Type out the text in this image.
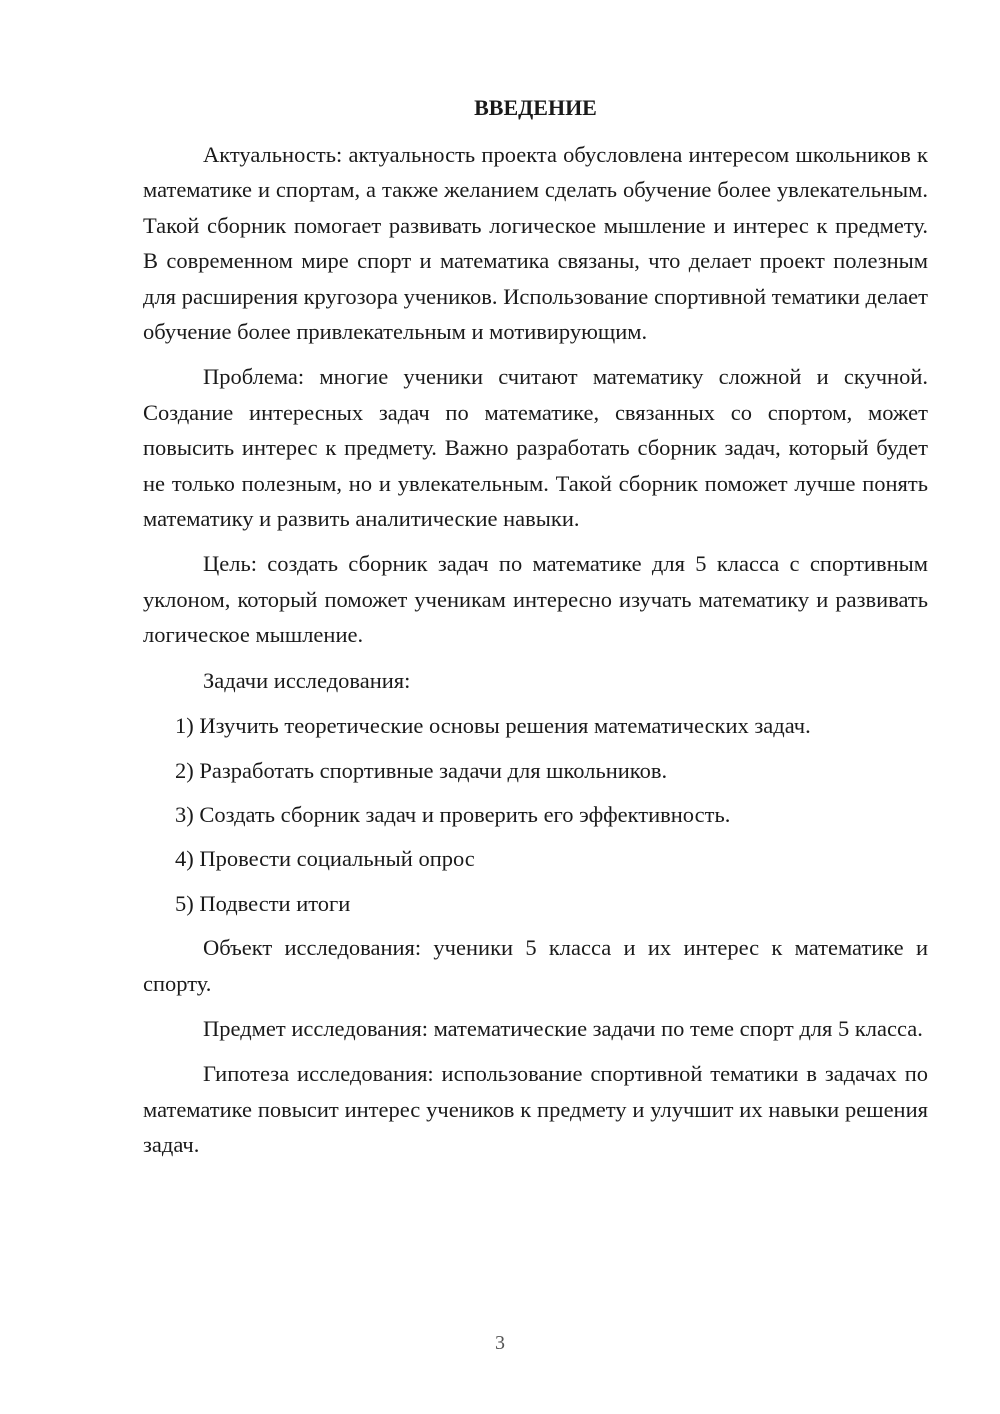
ВВЕДЕНИЕ

Актуальность: актуальность проекта обусловлена интересом школьников к математике и спортам, а также желанием сделать обучение более увлекательным. Такой сборник помогает развивать логическое мышление и интерес к предмету. В современном мире спорт и математика связаны, что делает проект полезным для расширения кругозора учеников. Использование спортивной тематики делает обучение более привлекательным и мотивирующим.

Проблема: многие ученики считают математику сложной и скучной. Создание интересных задач по математике, связанных со спортом, может повысить интерес к предмету. Важно разработать сборник задач, который будет не только полезным, но и увлекательным. Такой сборник поможет лучше понять математику и развить аналитические навыки.

Цель: создать сборник задач по математике для 5 класса с спортивным уклоном, который поможет ученикам интересно изучать математику и развивать логическое мышление.

Задачи исследования:

1) Изучить теоретические основы решения математических задач.

2) Разработать спортивные задачи для школьников.

3) Создать сборник задач и проверить его эффективность.

4) Провести социальный опрос

5) Подвести итоги

Объект исследования: ученики 5 класса и их интерес к математике и спорту.

Предмет исследования: математические задачи по теме спорт для 5 класса.

Гипотеза исследования: использование спортивной тематики в задачах по математике повысит интерес учеников к предмету и улучшит их навыки решения задач.

3
